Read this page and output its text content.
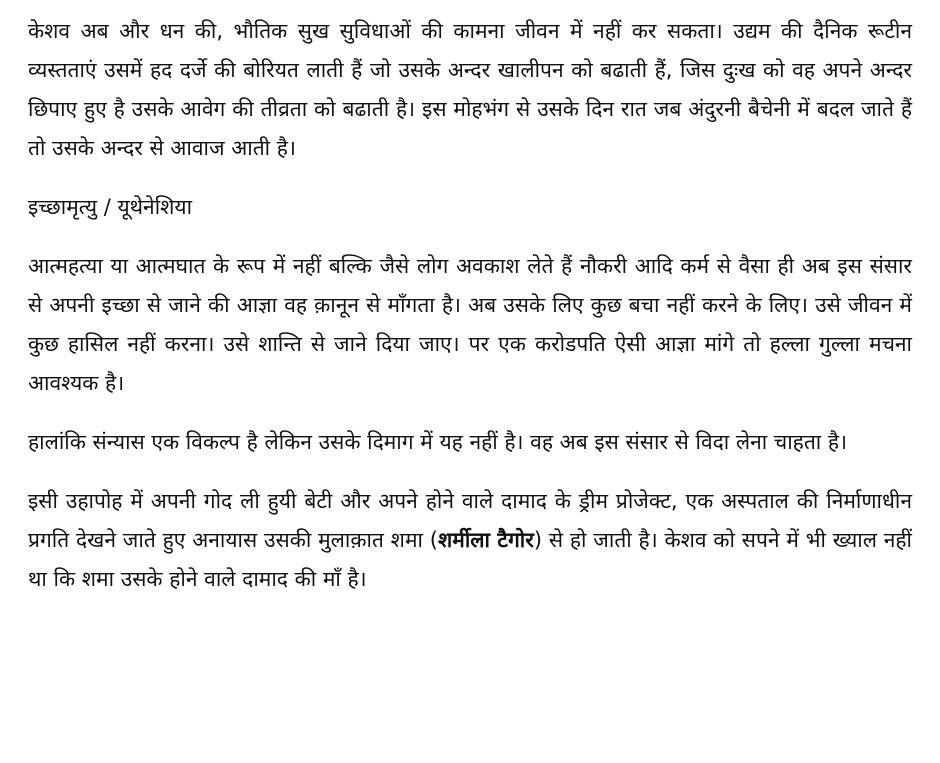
केशव अब और धन की, भौतिक सुख सुविधाओं की कामना जीवन में नहीं कर सकता। उद्यम की दैनिक रूटीन व्यस्तताएं उसमें हद दर्जे की बोरियत लाती हैं जो उसके अन्दर खालीपन को बढाती हैं, जिस दुःख को वह अपने अन्दर छिपाए हुए है उसके आवेग की तीव्रता को बढाती है। इस मोहभंग से उसके दिन रात जब अंदुरनी बैचेनी में बदल जाते हैं तो उसके अन्दर से आवाज आती है।

इच्छामृत्यु / यूथेनेशिया

आत्महत्या या आत्मघात के रूप में नहीं बल्कि जैसे लोग अवकाश लेते हैं नौकरी आदि कर्म से वैसा ही अब इस संसार से अपनी इच्छा से जाने की आज्ञा वह क़ानून से माँगता है। अब उसके लिए कुछ बचा नहीं करने के लिए। उसे जीवन में कुछ हासिल नहीं करना। उसे शान्ति से जाने दिया जाए। पर एक करोडपति ऐसी आज्ञा मांगे तो हल्ला गुल्ला मचना आवश्यक है।

हालांकि संन्यास एक विकल्प है लेकिन उसके दिमाग में यह नहीं है। वह अब इस संसार से विदा लेना चाहता है।

इसी उहापोह में अपनी गोद ली हुयी बेटी और अपने होने वाले दामाद के ड्रीम प्रोजेक्ट, एक अस्पताल की निर्माणाधीन प्रगति देखने जाते हुए अनायास उसकी मुलाक़ात शमा (शर्मीला टैगोर) से हो जाती है। केशव को सपने में भी ख्याल नहीं था कि शमा उसके होने वाले दामाद की माँ है।
